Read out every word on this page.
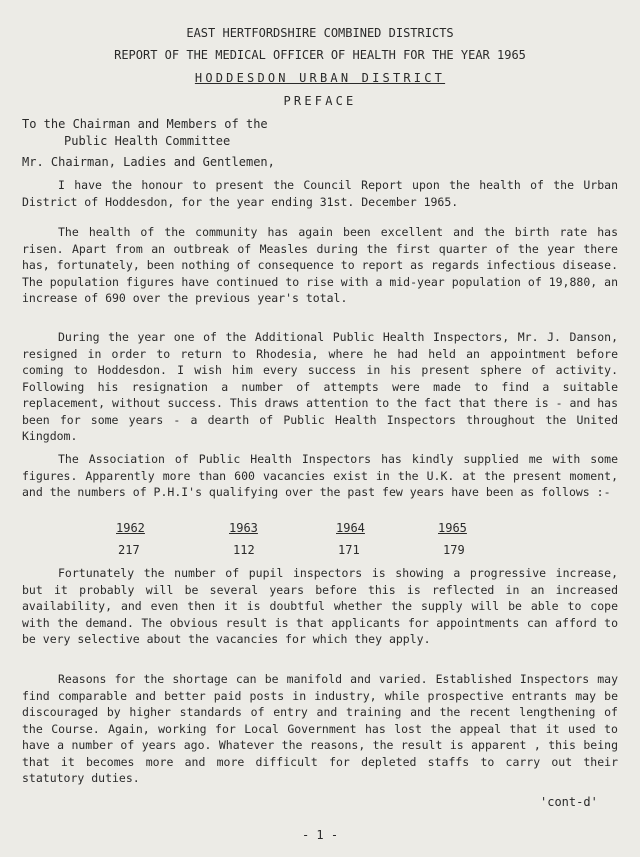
EAST HERTFORDSHIRE COMBINED DISTRICTS
REPORT OF THE MEDICAL OFFICER OF HEALTH FOR THE YEAR 1965
HODDESDON URBAN DISTRICT
PREFACE
To the Chairman and Members of the
Public Health Committee
Mr. Chairman, Ladies and Gentlemen,

I have the honour to present the Council Report upon the health of the Urban District of Hoddesdon, for the year ending 31st. December 1965.

The health of the community has again been excellent and the birth rate has risen. Apart from an outbreak of Measles during the first quarter of the year there has, fortunately, been nothing of consequence to report as regards infectious disease. The population figures have continued to rise with a mid-year population of 19,880, an increase of 690 over the previous year's total.

During the year one of the Additional Public Health Inspectors, Mr. J. Danson, resigned in order to return to Rhodesia, where he had held an appointment before coming to Hoddesdon. I wish him every success in his present sphere of activity. Following his resignation a number of attempts were made to find a suitable replacement, without success. This draws attention to the fact that there is - and has been for some years - a dearth of Public Health Inspectors throughout the United Kingdom.

The Association of Public Health Inspectors has kindly supplied me with some figures. Apparently more than 600 vacancies exist in the U.K. at the present moment, and the numbers of P.H.I's qualifying over the past few years have been as follows :-

1962	1963	1964	1965
217	112	171	179

Fortunately the number of pupil inspectors is showing a progressive increase, but it probably will be several years before this is reflected in an increased availability, and even then it is doubtful whether the supply will be able to cope with the demand. The obvious result is that applicants for appointments can afford to be very selective about the vacancies for which they apply.

Reasons for the shortage can be manifold and varied. Established Inspectors may find comparable and better paid posts in industry, while prospective entrants may be discouraged by higher standards of entry and training and the recent lengthening of the Course. Again, working for Local Government has lost the appeal that it used to have a number of years ago. Whatever the reasons, the result is apparent , this being that it becomes more and more difficult for depleted staffs to carry out their statutory duties.

'cont-d'
- 1 -
